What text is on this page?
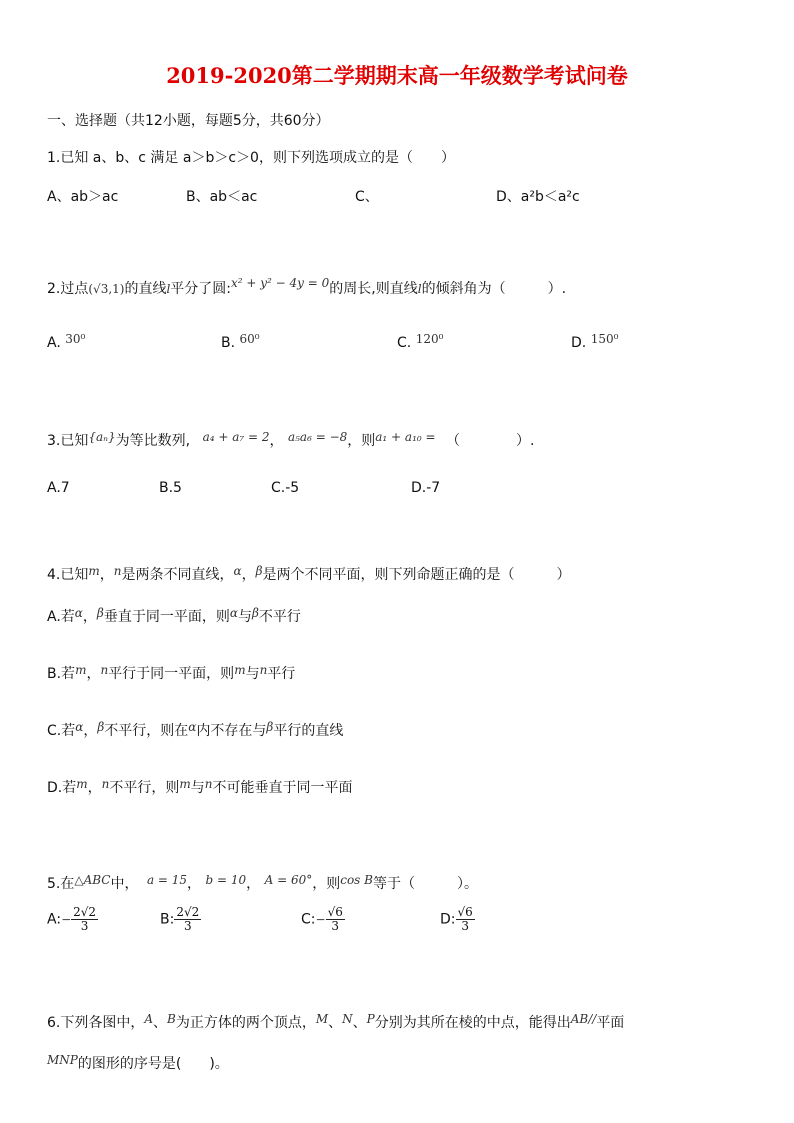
2019-2020第二学期期末高一年级数学考试问卷
一、选择题（共12小题，每题5分，共60分）
1.已知 a、b、c 满足 a＞b＞c＞0，则下列选项成立的是（　　）
A、ab＞ac	B、ab＜ac	C、	D、a²b＜a²c
2.过点(√3,1)的直线l平分了圆:x² + y² − 4y = 0的周长,则直线l的倾斜角为（　　　）.
A. 30⁰	B. 60⁰	C. 120⁰	D. 150⁰
3.已知{aₙ}为等比数列, a₄ + a₇ = 2， a₅a₆ = −8，则a₁ + a₁₀ = （　　　　）.
A.7	B.5	C.-5	D.-7
4.已知m，n是两条不同直线，α，β是两个不同平面，则下列命题正确的是（　　　）
A.若α，β垂直于同一平面，则α与β不平行
B.若m，n平行于同一平面，则m与n平行
C.若α，β不平行，则在α内不存在与β平行的直线
D.若m，n不平行，则m与n不可能垂直于同一平面
5.在△ABC中， a = 15， b = 10， A = 60°，则cos B等于（　　　）。
A:− $\frac{2√2}{3}$	B: $\frac{2√2}{3}$	C:− $\frac{√6}{3}$	D: $\frac{√6}{3}$
6.下列各图中，A、B为正方体的两个顶点，M、N、P分别为其所在棱的中点，能得出AB//平面
MNP的图形的序号是(　　)。
